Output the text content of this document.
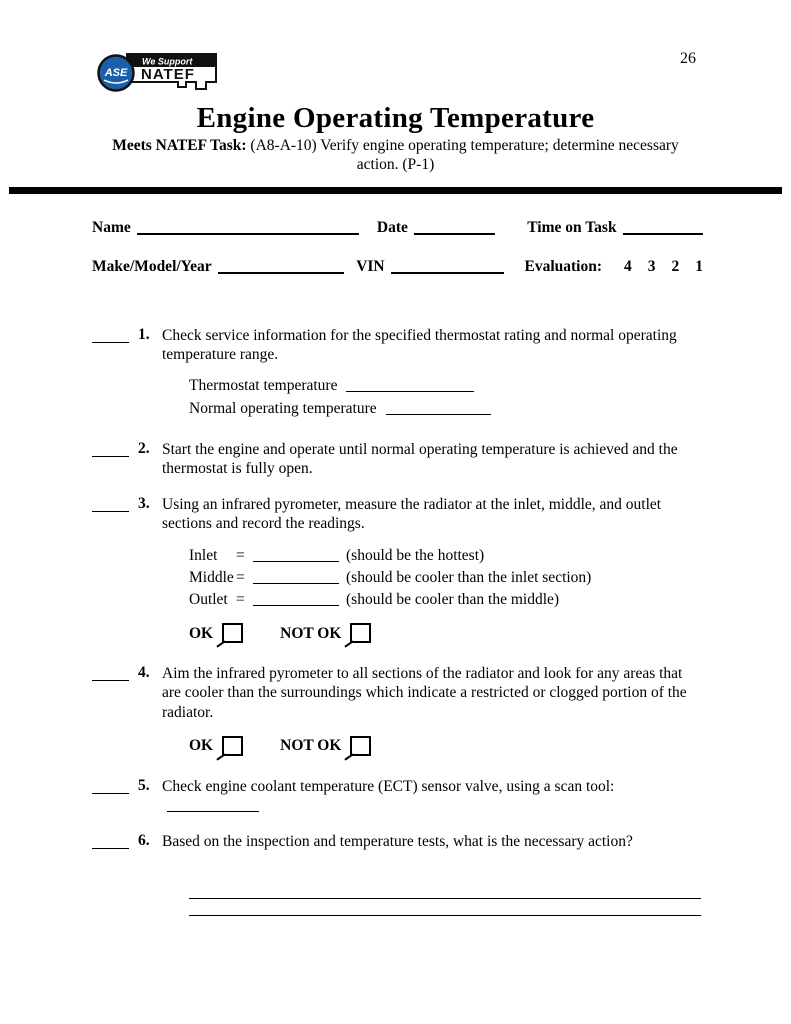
We Support
NATEF
ASE
26
Engine Operating Temperature
Meets NATEF Task: (A8-A-10) Verify engine operating temperature; determine necessary
action. (P-1)
Name	Date	Time on Task
Make/Model/Year	VIN	Evaluation: 4 3 2 1
1. Check service information for the specified thermostat rating and normal operating temperature range.
Thermostat temperature
Normal operating temperature
2. Start the engine and operate until normal operating temperature is achieved and the thermostat is fully open.
3. Using an infrared pyrometer, measure the radiator at the inlet, middle, and outlet sections and record the readings.
Inlet	=	(should be the hottest)
Middle =	(should be cooler than the inlet section)
Outlet =	(should be cooler than the middle)
OK	NOT OK
4. Aim the infrared pyrometer to all sections of the radiator and look for any areas that are cooler than the surroundings which indicate a restricted or clogged portion of the radiator.
OK	NOT OK
5. Check engine coolant temperature (ECT) sensor valve, using a scan tool:
6. Based on the inspection and temperature tests, what is the necessary action?
